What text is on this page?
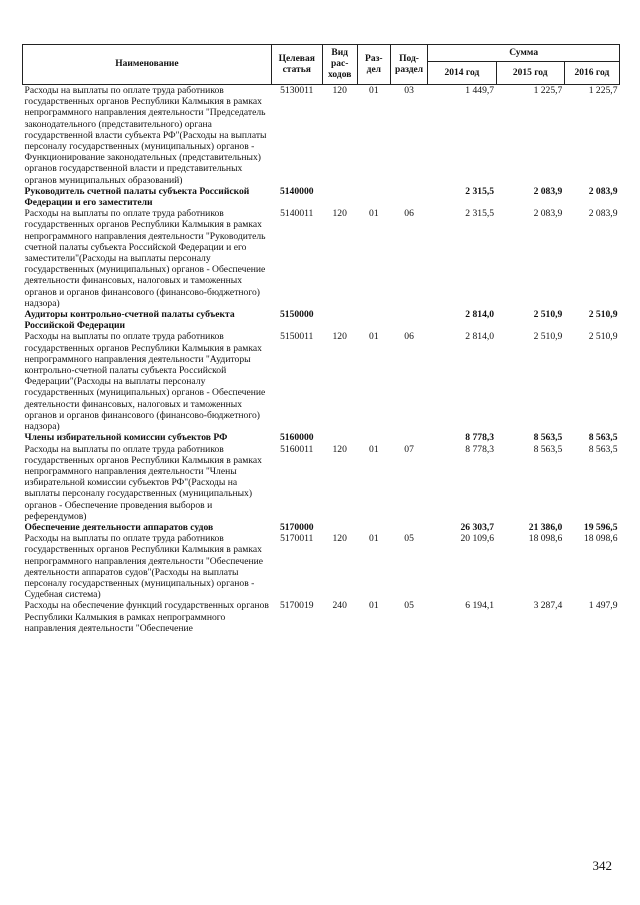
Наименование	Целевая статья	Вид рас-ходов	Раз-дел	Под-раздел	Сумма		
					2014 год	2015 год	2016 год
Расходы на выплаты по оплате труда работников государственных органов Республики Калмыкия в рамках непрограммного направления деятельности "Председатель законодательного (представительного) органа государственной власти субъекта РФ"(Расходы на выплаты персоналу государственных (муниципальных) органов - Функционирование законодательных (представительных) органов государственной власти и представительных органов муниципальных образований)	5130011	120	01	03	1 449,7	1 225,7	1 225,7
Руководитель счетной палаты субъекта Российской Федерации и его заместители	5140000				2 315,5	2 083,9	2 083,9
Расходы на выплаты по оплате труда работников государственных органов Республики Калмыкия в рамках непрограммного направления деятельности "Руководитель счетной палаты субъекта Российской Федерации и его заместители"(Расходы на выплаты персоналу государственных (муниципальных) органов - Обеспечение деятельности финансовых, налоговых и таможенных органов и органов финансового (финансово-бюджетного) надзора)	5140011	120	01	06	2 315,5	2 083,9	2 083,9
Аудиторы контрольно-счетной палаты субъекта Российской Федерации	5150000				2 814,0	2 510,9	2 510,9
Расходы на выплаты по оплате труда работников государственных органов Республики Калмыкия в рамках непрограммного направления деятельности "Аудиторы контрольно-счетной палаты субъекта Российской Федерации"(Расходы на выплаты персоналу государственных (муниципальных) органов - Обеспечение деятельности финансовых, налоговых и таможенных органов и органов финансового (финансово-бюджетного) надзора)	5150011	120	01	06	2 814,0	2 510,9	2 510,9
Члены избирательной комиссии субъектов РФ	5160000				8 778,3	8 563,5	8 563,5
Расходы на выплаты по оплате труда работников государственных органов Республики Калмыкия в рамках непрограммного направления деятельности "Члены избирательной комиссии субъектов РФ"(Расходы на выплаты персоналу государственных (муниципальных) органов - Обеспечение проведения выборов и референдумов)	5160011	120	01	07	8 778,3	8 563,5	8 563,5
Обеспечение деятельности аппаратов судов	5170000				26 303,7	21 386,0	19 596,5
Расходы на выплаты по оплате труда работников государственных органов Республики Калмыкия в рамках непрограммного направления деятельности "Обеспечение деятельности аппаратов судов"(Расходы на выплаты персоналу государственных (муниципальных) органов - Судебная система)	5170011	120	01	05	20 109,6	18 098,6	18 098,6
Расходы на обеспечение функций государственных органов Республики Калмыкия в рамках непрограммного направления деятельности "Обеспечение	5170019	240	01	05	6 194,1	3 287,4	1 497,9
342
